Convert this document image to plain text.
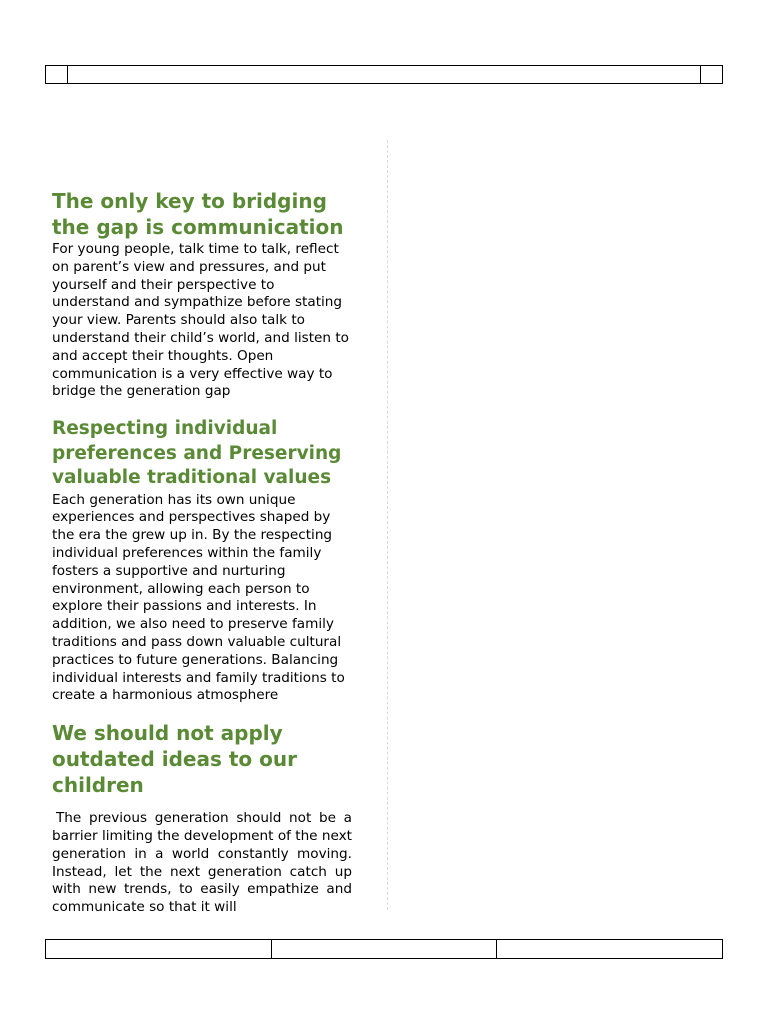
The only key to bridging the gap is communication

For young people, talk time to talk, reflect on parent’s view and pressures, and put yourself and their perspective to understand and sympathize before stating your view. Parents should also talk to understand their child’s world, and listen to and accept their thoughts. Open communication is a very effective way to bridge the generation gap

Respecting individual preferences and Preserving valuable traditional values

Each generation has its own unique experiences and perspectives shaped by the era the grew up in. By the respecting individual preferences within the family fosters a supportive and nurturing environment, allowing each person to explore their passions and interests. In addition, we also need to preserve family traditions and pass down valuable cultural practices to future generations. Balancing individual interests and family traditions to create a harmonious atmosphere

We should not apply outdated ideas to our children

The previous generation should not be a barrier limiting the development of the next generation in a world constantly moving. Instead, let the next generation catch up with new trends, to easily empathize and communicate so that it will
